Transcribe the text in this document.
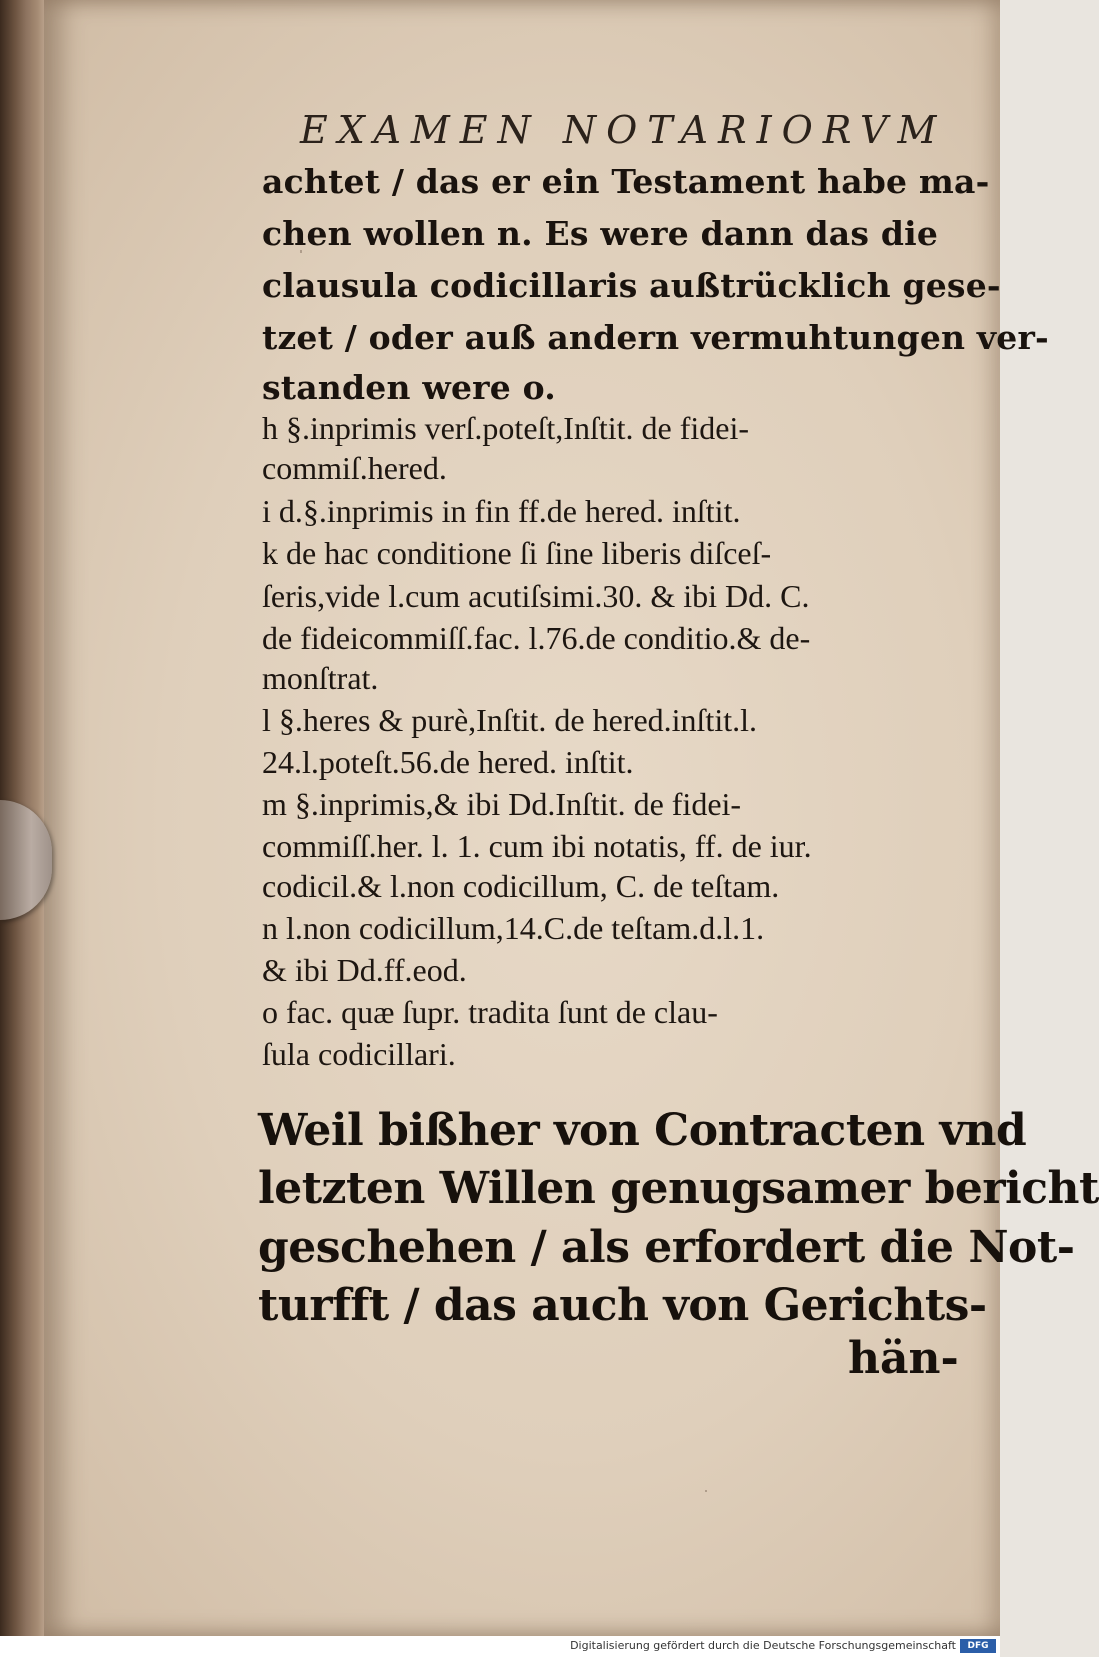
EXAMEN NOTARIORVM
achtet / das er ein Testament habe ma-
chen wollen n. Es were dann das die
clausula codicillaris außtrücklich gese-
tzet / oder auß andern vermuhtungen ver-
standen were o.
h §.inprimis verſ.poteſt,Inſtit. de fidei-
commiſ.hered.
i d.§.inprimis in fin ff.de hered. inſtit.
k de hac conditione ſi ſine liberis diſceſ-
ſeris,vide l.cum acutiſsimi.30. & ibi Dd. C.
de fideicommiſſ.fac. l.76.de conditio.& de-
monſtrat.
l §.heres & purè,Inſtit. de hered.inſtit.l.
24.l.poteſt.56.de hered. inſtit.
m §.inprimis,& ibi Dd.Inſtit. de fidei-
commiſſ.her. l. 1. cum ibi notatis, ff. de iur.
codicil.& l.non codicillum, C. de teſtam.
n l.non codicillum,14.C.de teſtam.d.l.1.
& ibi Dd.ff.eod.
o fac. quæ ſupr. tradita ſunt de clau-
ſula codicillari.
Weil bißher von Contracten vnd
letzten Willen genugsamer bericht
geschehen / als erfordert die Not-
turfft / das auch von Gerichts-
hän-
Digitalisierung gefördert durch die Deutsche Forschungsgemeinschaft	DFG
